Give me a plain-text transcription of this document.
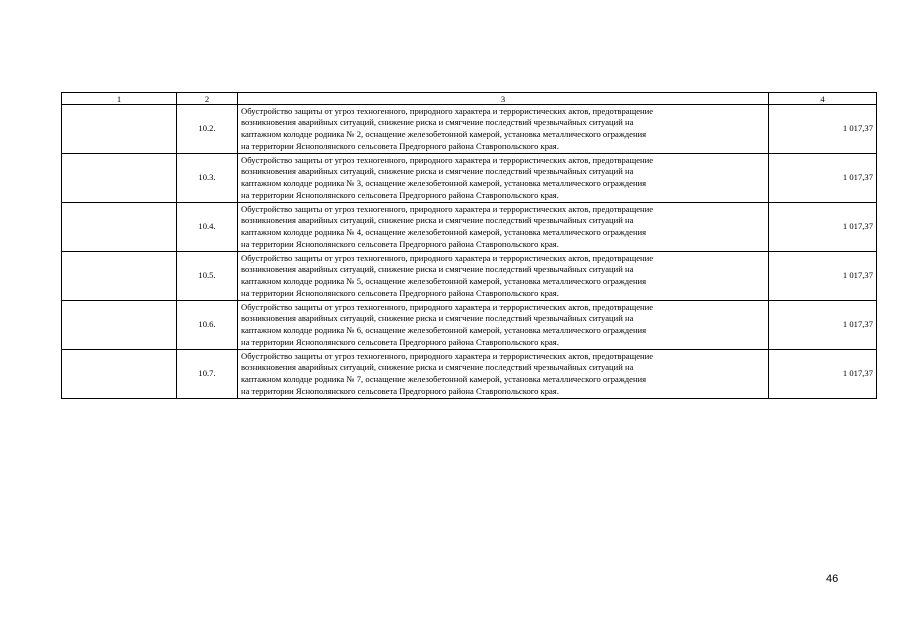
1	2	3	4
	10.2.	Обустройство защиты от угроз техногенного, природного характера и террористических актов, предотвращение
возникновения аварийных ситуаций, снижение риска и смягчение последствий чрезвычайных ситуаций на
каптажном колодце родника № 2, оснащение железобетонной камерой, установка металлического ограждения
на территории Яснополянского сельсовета Предгорного района Ставропольского края.	1 017,37
	10.3.	Обустройство защиты от угроз техногенного, природного характера и террористических актов, предотвращение
возникновения аварийных ситуаций, снижение риска и смягчение последствий чрезвычайных ситуаций на
каптажном колодце родника № 3, оснащение железобетонной камерой, установка металлического ограждения
на территории Яснополянского сельсовета Предгорного района Ставропольского края.	1 017,37
	10.4.	Обустройство защиты от угроз техногенного, природного характера и террористических актов, предотвращение
возникновения аварийных ситуаций, снижение риска и смягчение последствий чрезвычайных ситуаций на
каптажном колодце родника № 4, оснащение железобетонной камерой, установка металлического ограждения
на территории Яснополянского сельсовета Предгорного района Ставропольского края.	1 017,37
	10.5.	Обустройство защиты от угроз техногенного, природного характера и террористических актов, предотвращение
возникновения аварийных ситуаций, снижение риска и смягчение последствий чрезвычайных ситуаций на
каптажном колодце родника № 5, оснащение железобетонной камерой, установка металлического ограждения
на территории Яснополянского сельсовета Предгорного района Ставропольского края.	1 017,37
	10.6.	Обустройство защиты от угроз техногенного, природного характера и террористических актов, предотвращение
возникновения аварийных ситуаций, снижение риска и смягчение последствий чрезвычайных ситуаций на
каптажном колодце родника № 6, оснащение железобетонной камерой, установка металлического ограждения
на территории Яснополянского сельсовета Предгорного района Ставропольского края.	1 017,37
	10.7.	Обустройство защиты от угроз техногенного, природного характера и террористических актов, предотвращение
возникновения аварийных ситуаций, снижение риска и смягчение последствий чрезвычайных ситуаций на
каптажном колодце родника № 7, оснащение железобетонной камерой, установка металлического ограждения
на территории Яснополянского сельсовета Предгорного района Ставропольского края.	1 017,37
46
